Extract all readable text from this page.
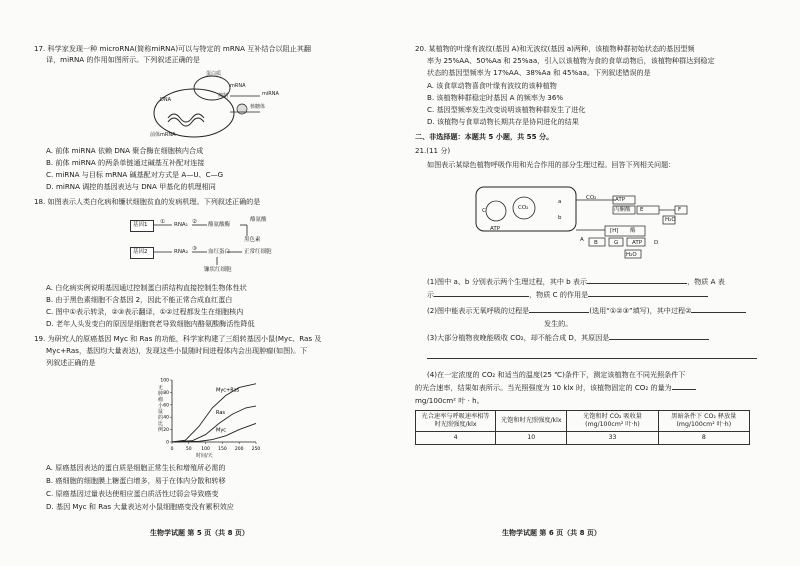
17. 科学家发现一种 microRNA(简称miRNA)可以与特定的 mRNA 互补结合以阻止其翻
译，miRNA 的作用如图所示。下列叙述正确的是
蛋白质
mRNA
miRNA
核糖体
前体mRNA
DNA
抑制
A. 前体 miRNA 依赖 DNA 聚合酶在细胞核内合成
B. 前体 miRNA 的两条单链通过碱基互补配对连接
C. miRNA 与目标 mRNA 碱基配对方式是 A—U、C—G
D. miRNA 调控的基因表达与 DNA 甲基化的机理相同
18. 如图表示人类白化病和镰状细胞贫血的发病机理。下列叙述正确的是
基因1	RNA₁	酪氨酸酶
黑色素
酪氨酸
基因2	RNA₂	血红蛋白	正常红细胞
镰状红细胞
①	②
③
A. 白化病实例说明基因通过控制蛋白质结构直接控制生物体性状
B. 由于黑色素细胞不含基因 2，因此不能正常合成血红蛋白
C. 图中①表示转录，②③表示翻译，①②过程都发生在细胞核内
D. 老年人头发变白的原因是细胞衰老导致细胞内酪氨酸酶活性降低
19. 为研究人的原癌基因 Myc 和 Ras 的功能，科学家构建了三组转基因小鼠(Myc、Ras 及
Myc+Ras，基因均大量表达)，发现这些小鼠随时间进程体内会出现肿瘤(如图)。下
列叙述正确的是
无肿瘤小鼠的比例
0	50 100 150 200 250
0
20
40
60
80
100
Myc+Ras
Ras
Myc
时间/天
A. 原癌基因表达的蛋白质是细胞正常生长和增殖所必需的
B. 癌细胞的细胞膜上糖蛋白增多，易于在体内分散和转移
C. 原癌基因过量表达使相应蛋白质活性过弱会导致癌变
D. 基因 Myc 和 Ras 大量表达对小鼠细胞癌变没有累积效应
生物学试题 第 5 页（共 8 页）
20. 某植物的叶缘有波纹(基因 A)和无波纹(基因 a)两种，该植物种群初始状态的基因型频
率为 25%AA、50%Aa 和 25%aa，引入以该植物为食的食草动物后，该植物种群达到稳定
状态的基因型频率为 17%AA、38%Aa 和 45%aa。下列叙述错误的是
A. 该食草动物喜食叶缘有波纹的该种植物
B. 该植物种群稳定时基因 A 的频率为 36%
C. 基因型频率发生改变说明该植物种群发生了进化
D. 该植物与食草动物长期共存是协同进化的结果
二、非选择题：本题共 5 小题，共 55 分。
21.(11 分)
如图表示某绿色植物呼吸作用和光合作用的部分生理过程。回答下列相关问题：
C	CO₂
a
b
ATP
CO₂	ATP
丙酮酸 E	F
H₂O
[H] 酶
B	G ATP
H₂O
A	D
(1)图中 a、b 分别表示两个生理过程，其中 b 表示	，物质 A 表
示	，物质 C 的作用是
(2)图中能表示无氧呼吸的过程是	(选用“①②③”填写)，其中过程②
发生的。
(3)大部分植物夜晚能吸收 CO₂，却不能合成 D，其原因是
(4)在一定浓度的 CO₂ 和适当的温度(25 ℃)条件下，测定该植物在不同光照条件下
的光合速率，结果如表所示。当光照强度为 10 klx 时，该植物固定的 CO₂ 的量为
mg/100cm² 叶 · h。
光合速率与呼吸速率相等时光照强度/klx	光饱和时光照强度/klx	光饱和时 CO₂ 吸收量(mg/100cm² 叶·h)	黑暗条件下 CO₂ 释放量(mg/100cm² 叶·h)
4	10	33	8
生物学试题 第 6 页（共 8 页）
